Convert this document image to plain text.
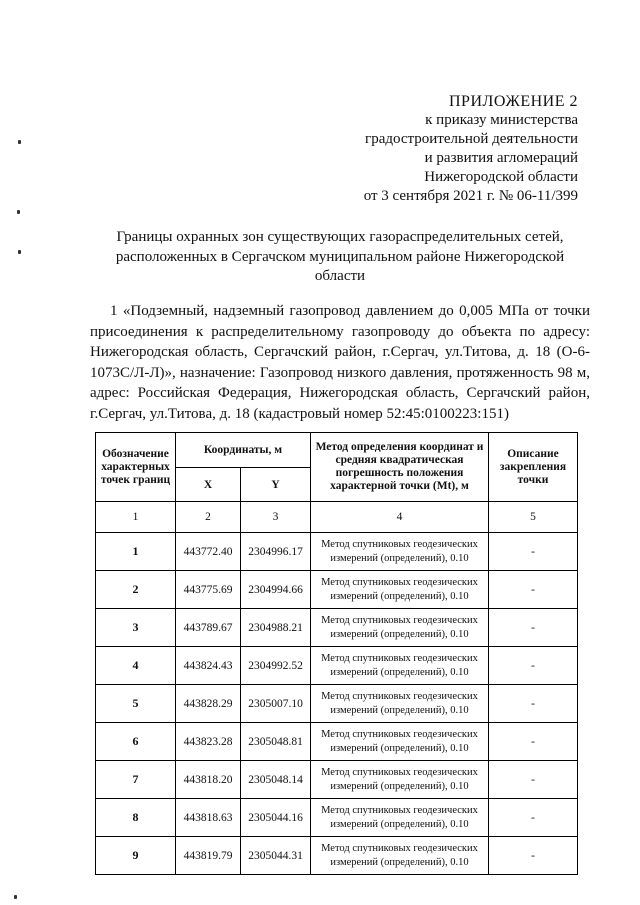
ПРИЛОЖЕНИЕ 2
к приказу министерства
градостроительной деятельности
и развития агломераций
Нижегородской области
от 3 сентября 2021 г. № 06-11/399
Границы охранных зон существующих газораспределительных сетей, расположенных в Сергачском муниципальном районе Нижегородской области
1 «Подземный, надземный газопровод давлением до 0,005 МПа от точки присоединения к распределительному газопроводу до объекта по адресу: Нижегородская область, Сергачский район, г.Сергач, ул.Титова, д. 18 (О-6-1073С/Л-Л)», назначение: Газопровод низкого давления, протяженность 98 м, адрес: Российская Федерация, Нижегородская область, Сергачский район, г.Сергач, ул.Титова, д. 18 (кадастровый номер 52:45:0100223:151)
Обозначение характерных точек границ	Координаты, м		Метод определения координат и средняя квадратическая погрешность положения характерной точки (Mt), м	Описание закрепления точки
	X	Y		
1	2	3	4	5
1	443772.40	2304996.17	Метод спутниковых геодезических измерений (определений), 0.10	-
2	443775.69	2304994.66	Метод спутниковых геодезических измерений (определений), 0.10	-
3	443789.67	2304988.21	Метод спутниковых геодезических измерений (определений), 0.10	-
4	443824.43	2304992.52	Метод спутниковых геодезических измерений (определений), 0.10	-
5	443828.29	2305007.10	Метод спутниковых геодезических измерений (определений), 0.10	-
6	443823.28	2305048.81	Метод спутниковых геодезических измерений (определений), 0.10	-
7	443818.20	2305048.14	Метод спутниковых геодезических измерений (определений), 0.10	-
8	443818.63	2305044.16	Метод спутниковых геодезических измерений (определений), 0.10	-
9	443819.79	2305044.31	Метод спутниковых геодезических измерений (определений), 0.10	-
